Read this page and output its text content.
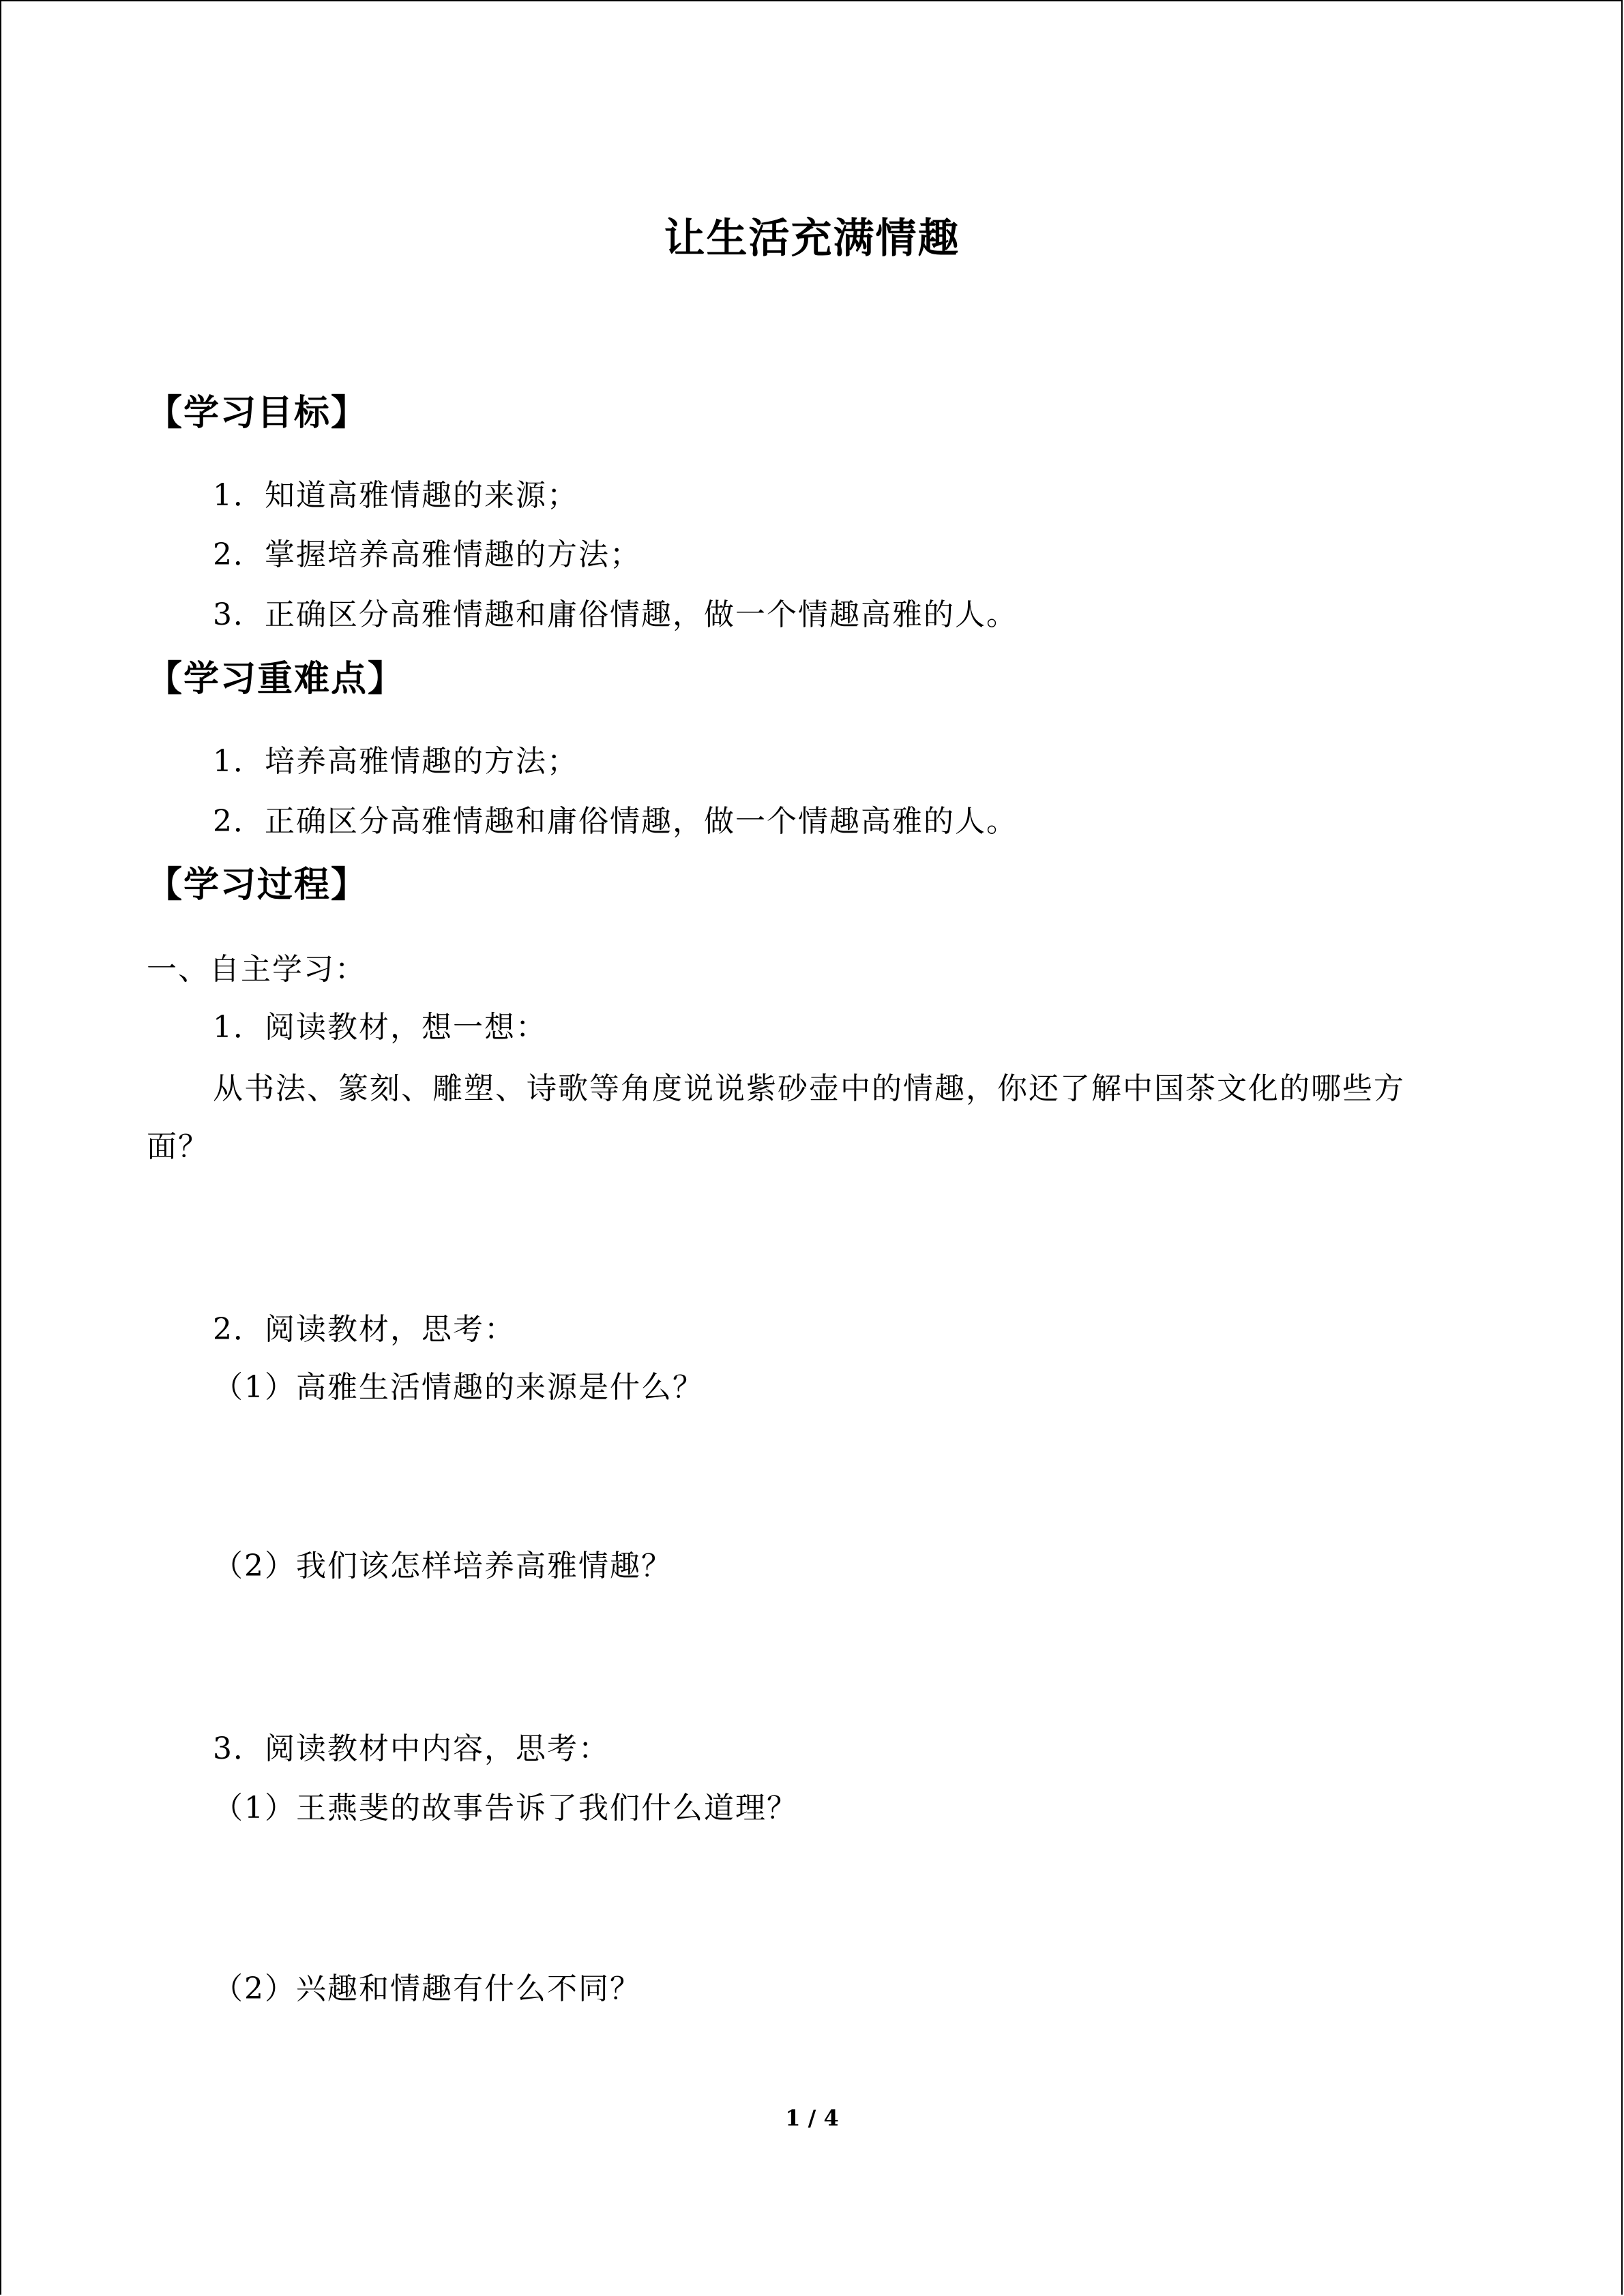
让生活充满情趣
【学习目标】
1．知道高雅情趣的来源；
2．掌握培养高雅情趣的方法；
3．正确区分高雅情趣和庸俗情趣，做一个情趣高雅的人。
【学习重难点】
1．培养高雅情趣的方法；
2．正确区分高雅情趣和庸俗情趣，做一个情趣高雅的人。
【学习过程】
一、自主学习：
1．阅读教材，想一想：
从书法、篆刻、雕塑、诗歌等角度说说紫砂壶中的情趣，你还了解中国茶文化的哪些方
面？
2．阅读教材，思考：
（1）高雅生活情趣的来源是什么？
（2）我们该怎样培养高雅情趣？
3．阅读教材中内容，思考：
（1）王燕斐的故事告诉了我们什么道理？
（2）兴趣和情趣有什么不同？
1 / 4
